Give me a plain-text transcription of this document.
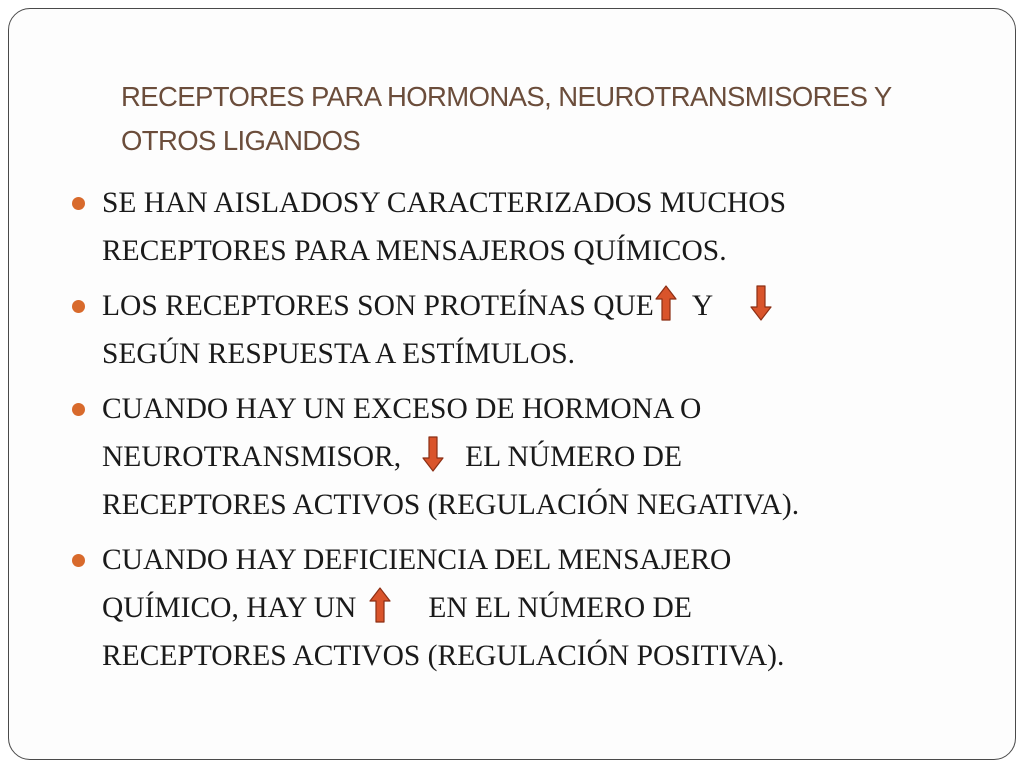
RECEPTORES PARA HORMONAS, NEUROTRANSMISORES Y OTROS LIGANDOS
SE HAN AISLADOSY CARACTERIZADOS MUCHOS
RECEPTORES PARA MENSAJEROS QUÍMICOS.
LOS RECEPTORES SON PROTEÍNAS QUE Y
SEGÚN RESPUESTA A ESTÍMULOS.
CUANDO HAY UN EXCESO DE HORMONA O
NEUROTRANSMISOR, EL NÚMERO DE
RECEPTORES ACTIVOS (REGULACIÓN NEGATIVA).
CUANDO HAY DEFICIENCIA DEL MENSAJERO
QUÍMICO, HAY UN EN EL NÚMERO DE
RECEPTORES ACTIVOS (REGULACIÓN POSITIVA).
